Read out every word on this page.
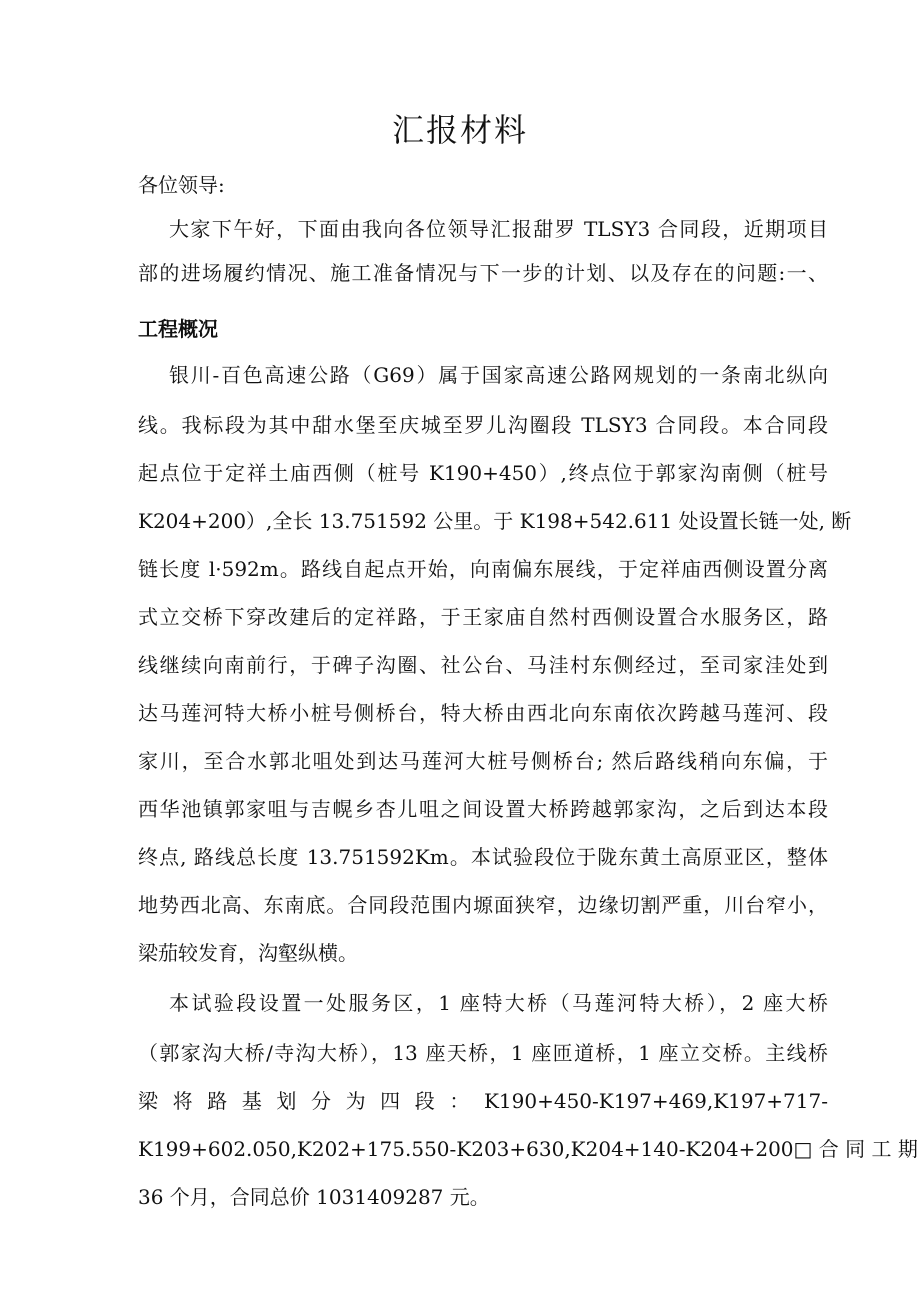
汇报材料
各位领导:
大家下午好，下面由我向各位领导汇报甜罗 TLSY3 合同段，近期项目
部的进场履约情况、施工准备情况与下一步的计划、以及存在的问题:一、
工程概况
银川-百色高速公路（G69）属于国家高速公路网规划的一条南北纵向
线。我标段为其中甜水堡至庆城至罗儿沟圈段 TLSY3 合同段。本合同段
起点位于定祥土庙西侧（桩号 K190+450）,终点位于郭家沟南侧（桩号
K204+200）,全长 13.751592 公里。于 K198+542.611 处设置长链一处, 断
链长度 l·592m。路线自起点开始，向南偏东展线，于定祥庙西侧设置分离
式立交桥下穿改建后的定祥路，于王家庙自然村西侧设置合水服务区，路
线继续向南前行，于碑子沟圈、社公台、马洼村东侧经过，至司家洼处到
达马莲河特大桥小桩号侧桥台，特大桥由西北向东南依次跨越马莲河、段
家川，至合水郭北咀处到达马莲河大桩号侧桥台; 然后路线稍向东偏，于
西华池镇郭家咀与吉幌乡杏儿咀之间设置大桥跨越郭家沟，之后到达本段
终点, 路线总长度 13.751592Km。本试验段位于陇东黄土高原亚区，整体
地势西北高、东南底。合同段范围内塬面狭窄，边缘切割严重，川台窄小，
梁茄较发育，沟壑纵横。
本试验段设置一处服务区，1 座特大桥（马莲河特大桥），2 座大桥
（郭家沟大桥/寺沟大桥），13 座天桥，1 座匝道桥，1 座立交桥。主线桥
梁 将 路 基 划 分 为 四 段 ： K190+450-K197+469,K197+717-
K199+602.050,K202+175.550-K203+630,K204+140-K204+200□ 合 同 工 期
36 个月，合同总价 1031409287 元。
